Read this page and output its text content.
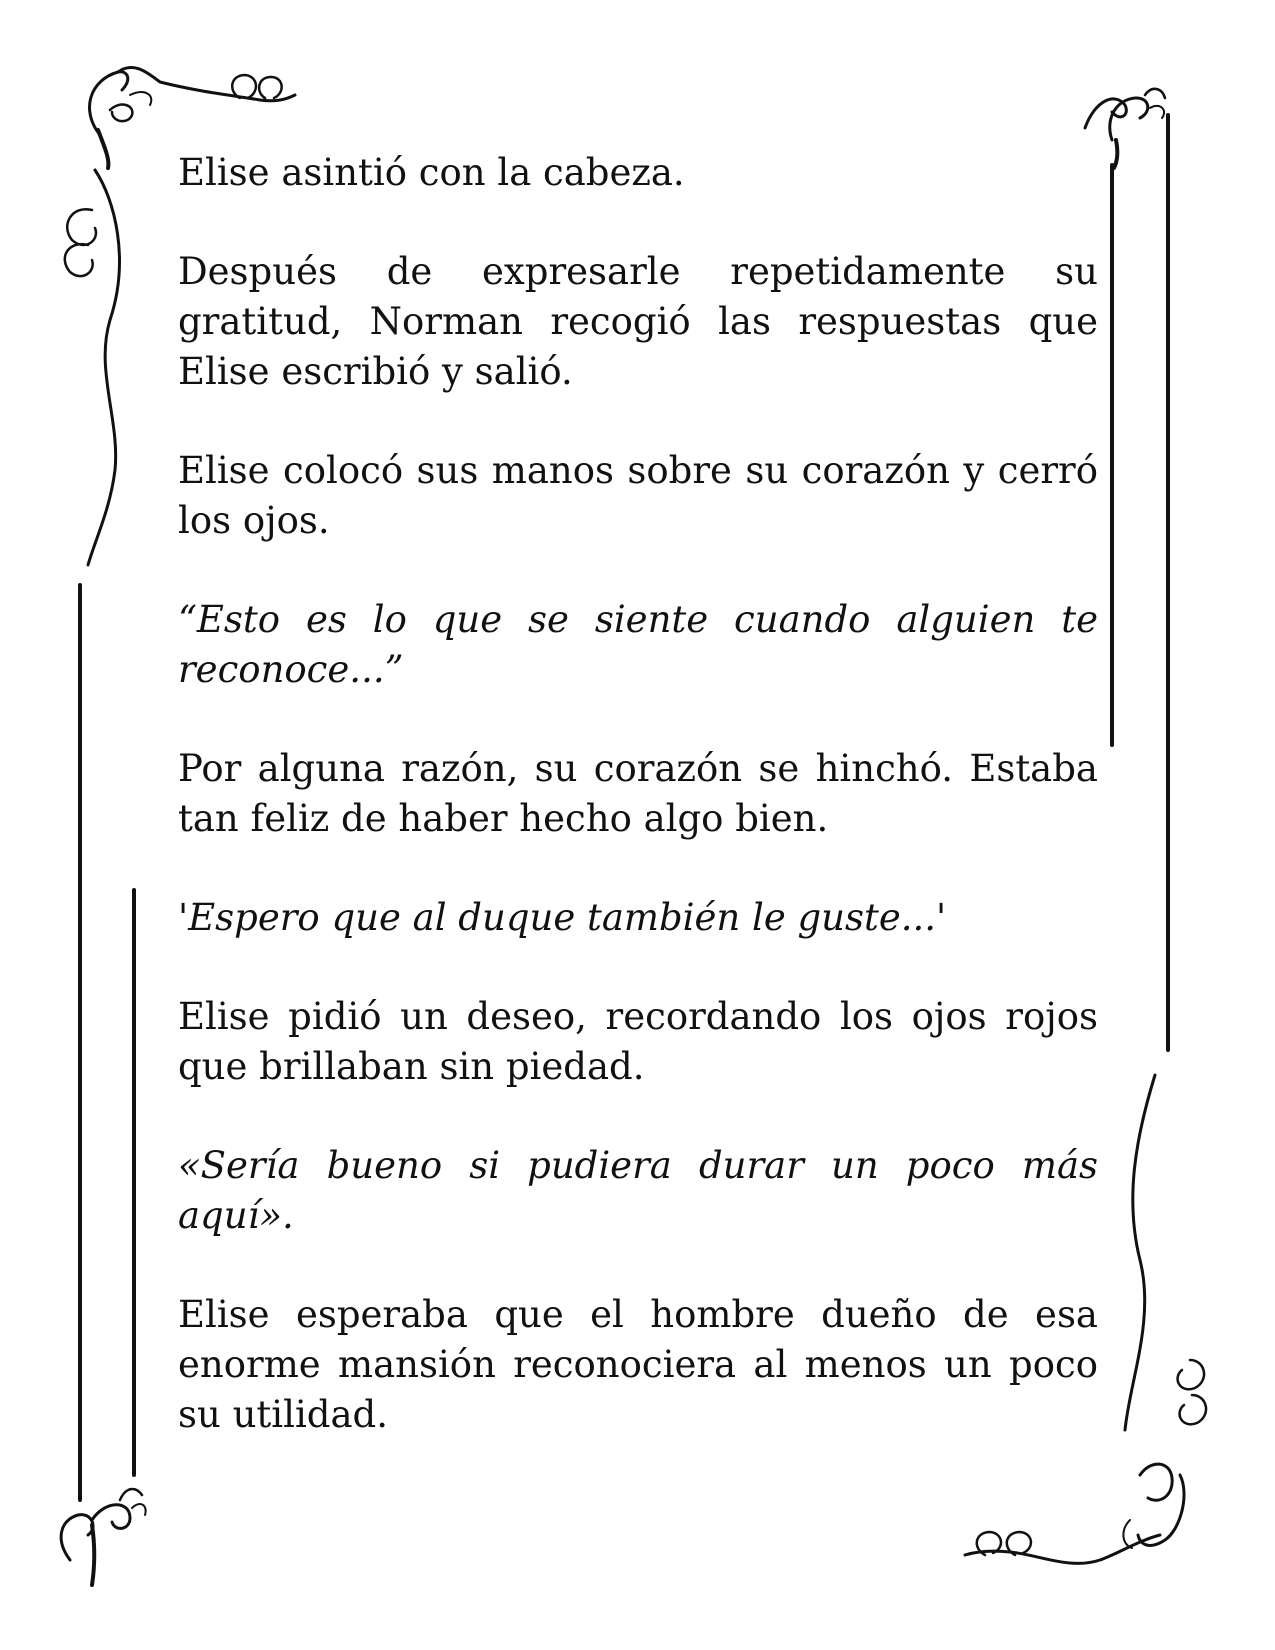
Elise asintió con la cabeza.

Después de expresarle repetidamente su gratitud, Norman recogió las respuestas que Elise escribió y salió.

Elise colocó sus manos sobre su corazón y cerró los ojos.

“Esto es lo que se siente cuando alguien te reconoce...”

Por alguna razón, su corazón se hinchó. Estaba tan feliz de haber hecho algo bien.

'Espero que al duque también le guste...'

Elise pidió un deseo, recordando los ojos rojos que brillaban sin piedad.

«Sería bueno si pudiera durar un poco más aquí».

Elise esperaba que el hombre dueño de esa enorme mansión reconociera al menos un poco su utilidad.
